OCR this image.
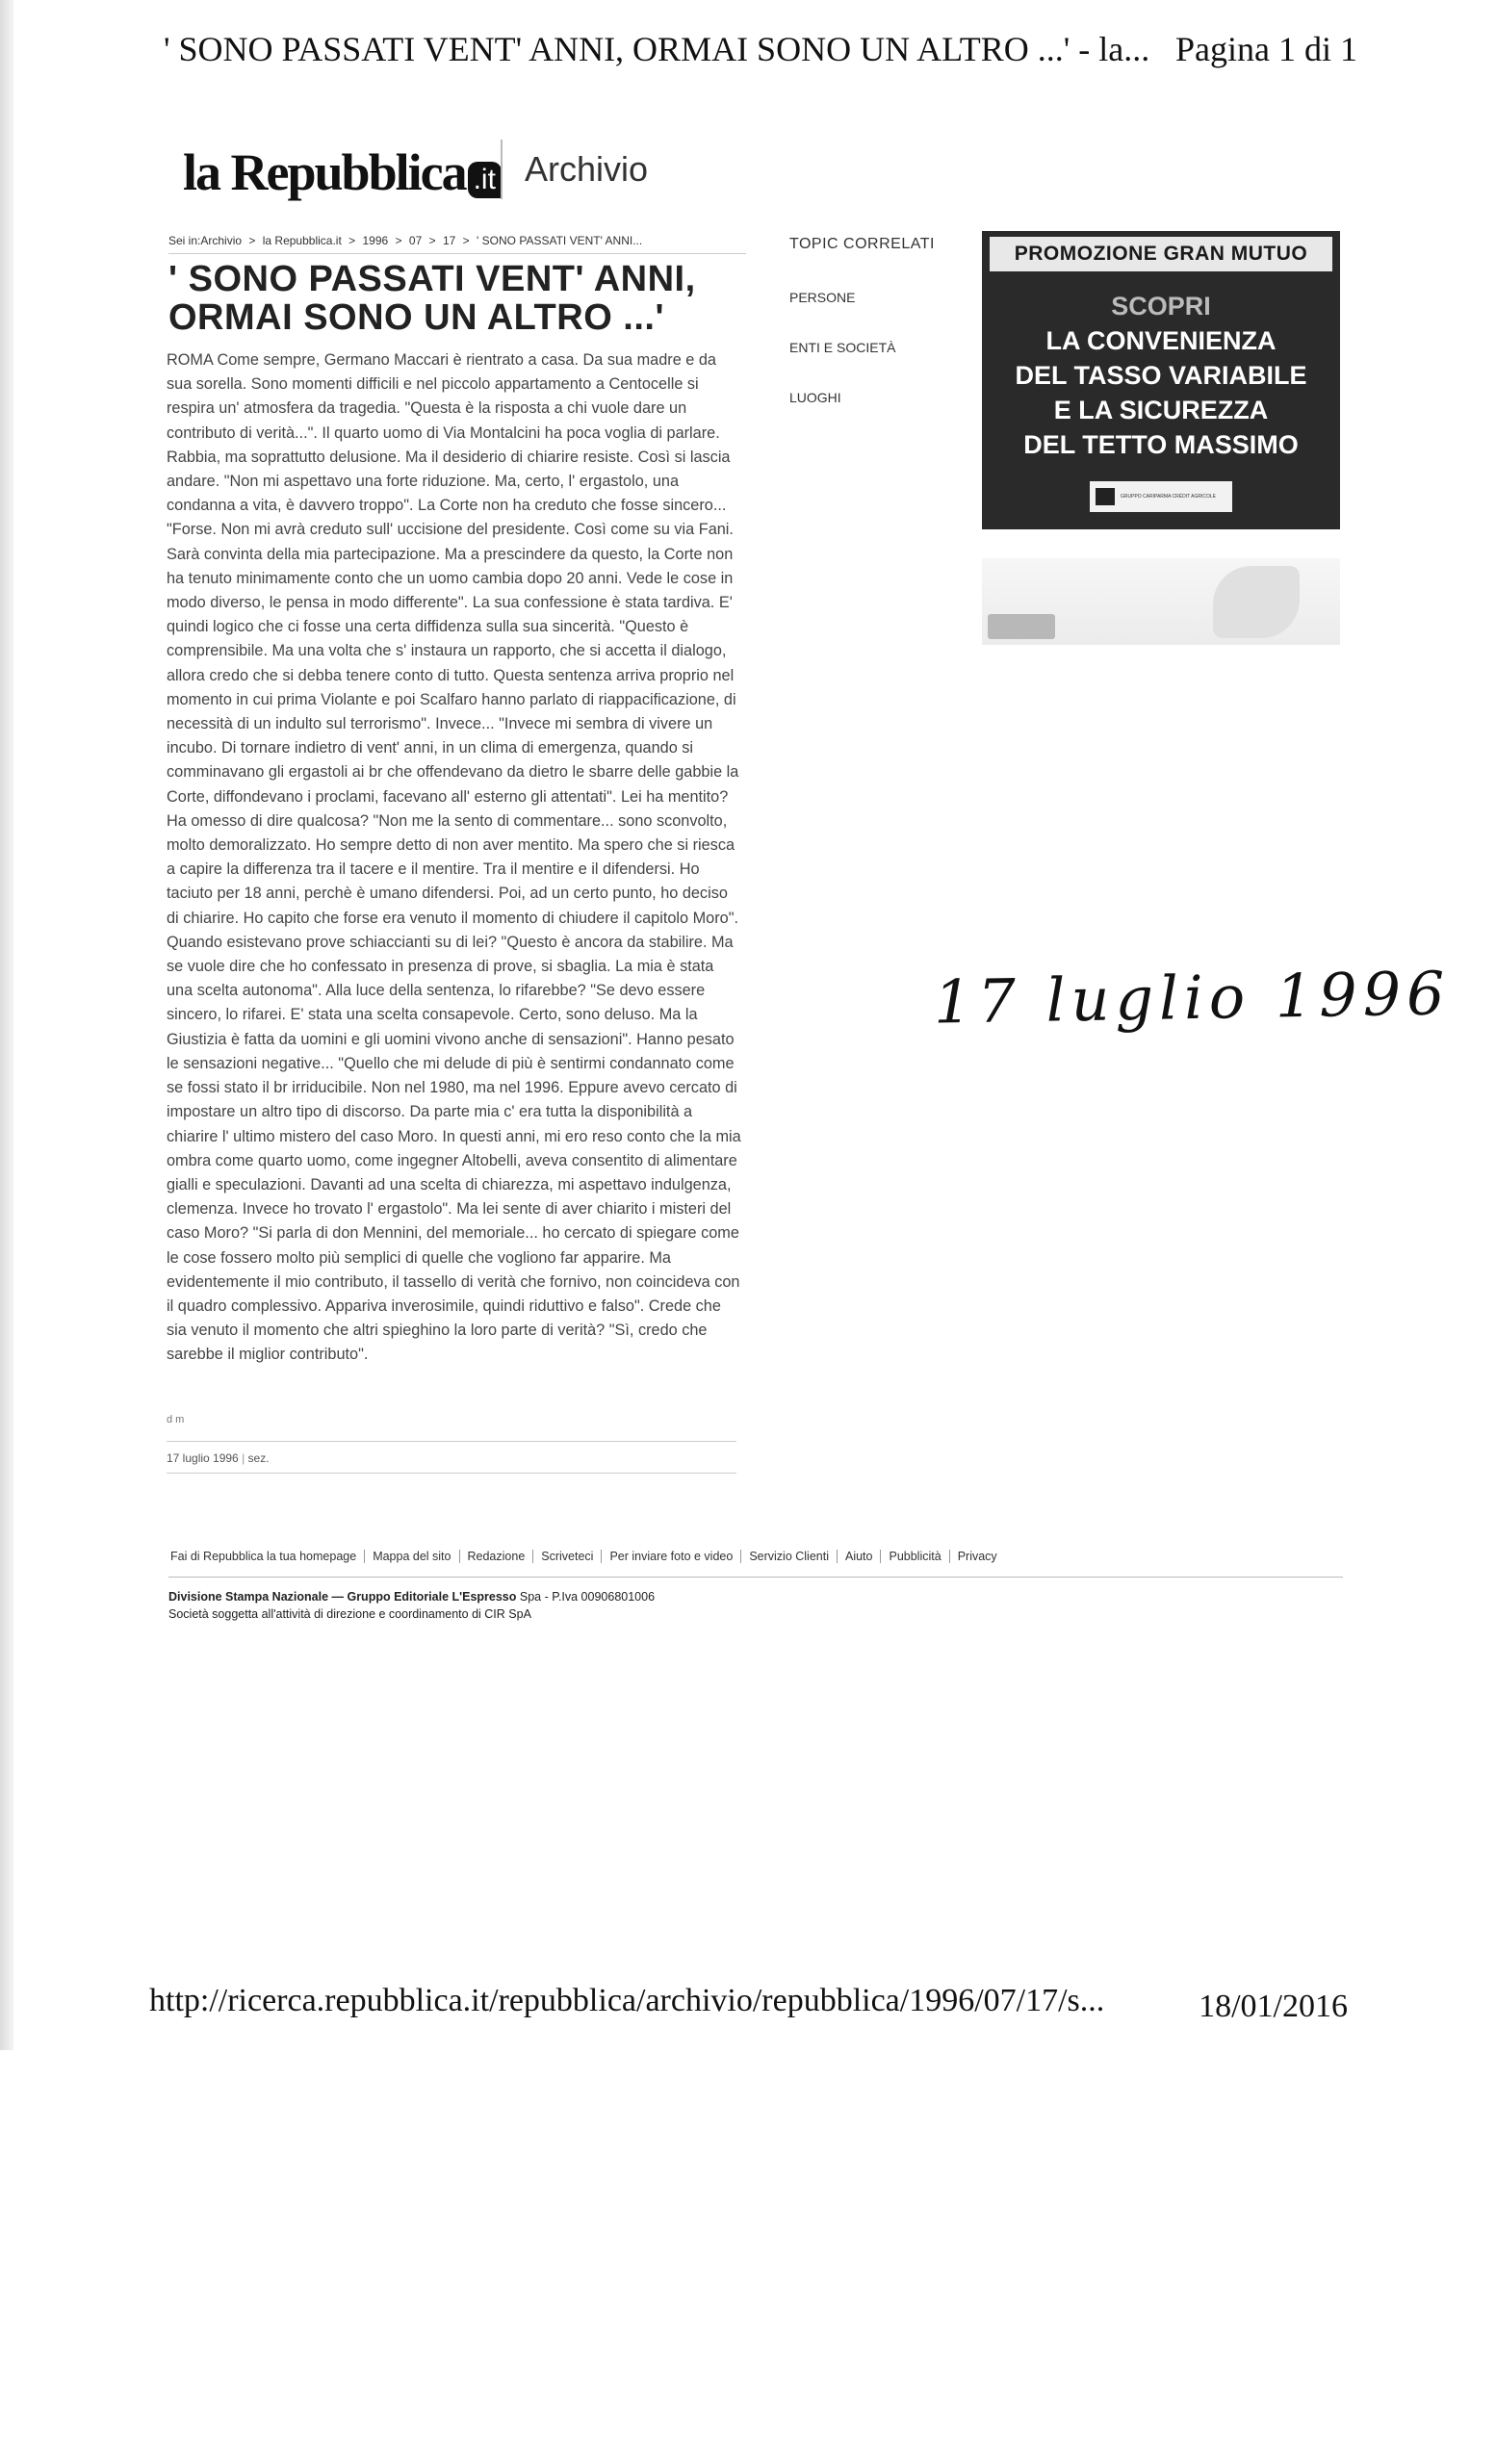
' SONO PASSATI VENT' ANNI, ORMAI SONO UN ALTRO ...' - la... Pagina 1 di 1
la Repubblica .it Archivio
Sei in:Archivio > la Repubblica.it > 1996 > 07 > 17 > ' SONO PASSATI VENT' ANNI...
' SONO PASSATI VENT' ANNI,
ORMAI SONO UN ALTRO ...'
ROMA Come sempre, Germano Maccari è rientrato a casa. Da sua madre e da sua sorella. Sono momenti difficili e nel piccolo appartamento a Centocelle si respira un' atmosfera da tragedia. "Questa è la risposta a chi vuole dare un contributo di verità...". Il quarto uomo di Via Montalcini ha poca voglia di parlare. Rabbia, ma soprattutto delusione. Ma il desiderio di chiarire resiste. Così si lascia andare. "Non mi aspettavo una forte riduzione. Ma, certo, l' ergastolo, una condanna a vita, è davvero troppo". La Corte non ha creduto che fosse sincero... "Forse. Non mi avrà creduto sull' uccisione del presidente. Così come su via Fani. Sarà convinta della mia partecipazione. Ma a prescindere da questo, la Corte non ha tenuto minimamente conto che un uomo cambia dopo 20 anni. Vede le cose in modo diverso, le pensa in modo differente". La sua confessione è stata tardiva. E' quindi logico che ci fosse una certa diffidenza sulla sua sincerità. "Questo è comprensibile. Ma una volta che s' instaura un rapporto, che si accetta il dialogo, allora credo che si debba tenere conto di tutto. Questa sentenza arriva proprio nel momento in cui prima Violante e poi Scalfaro hanno parlato di riappacificazione, di necessità di un indulto sul terrorismo". Invece... "Invece mi sembra di vivere un incubo. Di tornare indietro di vent' anni, in un clima di emergenza, quando si comminavano gli ergastoli ai br che offendevano da dietro le sbarre delle gabbie la Corte, diffondevano i proclami, facevano all' esterno gli attentati". Lei ha mentito? Ha omesso di dire qualcosa? "Non me la sento di commentare... sono sconvolto, molto demoralizzato. Ho sempre detto di non aver mentito. Ma spero che si riesca a capire la differenza tra il tacere e il mentire. Tra il mentire e il difendersi. Ho taciuto per 18 anni, perchè è umano difendersi. Poi, ad un certo punto, ho deciso di chiarire. Ho capito che forse era venuto il momento di chiudere il capitolo Moro". Quando esistevano prove schiaccianti su di lei? "Questo è ancora da stabilire. Ma se vuole dire che ho confessato in presenza di prove, si sbaglia. La mia è stata una scelta autonoma". Alla luce della sentenza, lo rifarebbe? "Se devo essere sincero, lo rifarei. E' stata una scelta consapevole. Certo, sono deluso. Ma la Giustizia è fatta da uomini e gli uomini vivono anche di sensazioni". Hanno pesato le sensazioni negative... "Quello che mi delude di più è sentirmi condannato come se fossi stato il br irriducibile. Non nel 1980, ma nel 1996. Eppure avevo cercato di impostare un altro tipo di discorso. Da parte mia c' era tutta la disponibilità a chiarire l' ultimo mistero del caso Moro. In questi anni, mi ero reso conto che la mia ombra come quarto uomo, come ingegner Altobelli, aveva consentito di alimentare gialli e speculazioni. Davanti ad una scelta di chiarezza, mi aspettavo indulgenza, clemenza. Invece ho trovato l' ergastolo". Ma lei sente di aver chiarito i misteri del caso Moro? "Si parla di don Mennini, del memoriale... ho cercato di spiegare come le cose fossero molto più semplici di quelle che vogliono far apparire. Ma evidentemente il mio contributo, il tassello di verità che fornivo, non coincideva con il quadro complessivo. Appariva inverosimile, quindi riduttivo e falso". Crede che sia venuto il momento che altri spieghino la loro parte di verità? "Sì, credo che sarebbe il miglior contributo".
d m
17 luglio 1996 | sez.
TOPIC CORRELATI
PERSONE
ENTI E SOCIETÀ
LUOGHI
PROMOZIONE GRAN MUTUO
SCOPRI
LA CONVENIENZA
DEL TASSO VARIABILE
E LA SICUREZZA
DEL TETTO MASSIMO
GRUPPO CARIPARMA CRÉDIT AGRICOLE
17 luglio 1996
Fai di Repubblica la tua homepage	Mappa del sito	Redazione	Scriveteci	Per inviare foto e video	Servizio Clienti	Aiuto	Pubblicità	Privacy
Divisione Stampa Nazionale — Gruppo Editoriale L'Espresso Spa - P.Iva 00906801006
Società soggetta all'attività di direzione e coordinamento di CIR SpA
http://ricerca.repubblica.it/repubblica/archivio/repubblica/1996/07/17/s...	18/01/2016
